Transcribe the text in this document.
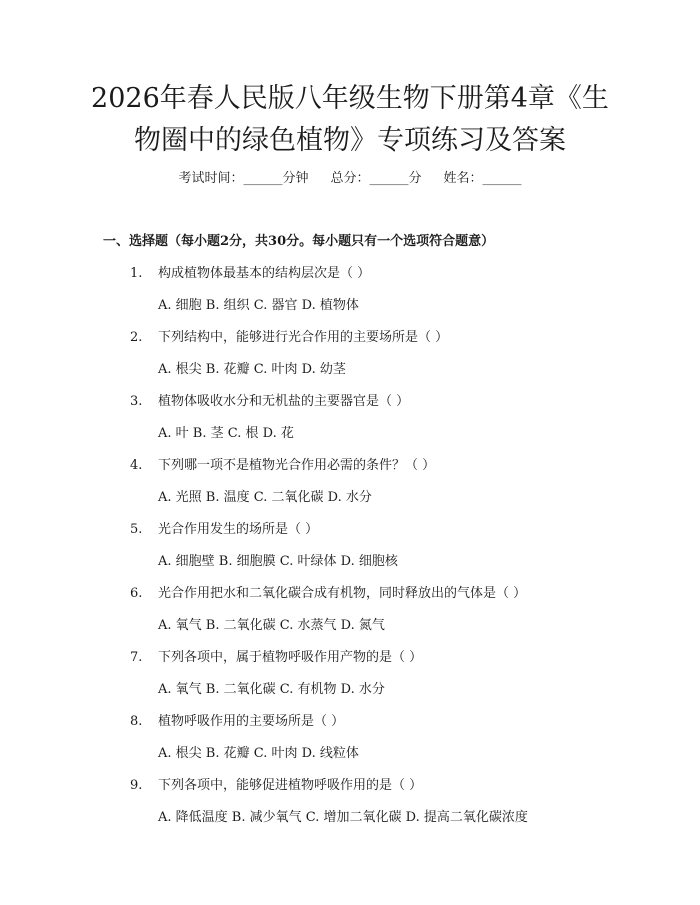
2026年春人民版八年级生物下册第4章《生
物圈中的绿色植物》专项练习及答案
考试时间：______分钟 总分：______分 姓名：______
一、选择题（每小题2分，共30分。每小题只有一个选项符合题意）
1. 构成植物体最基本的结构层次是（ ）
A. 细胞 B. 组织 C. 器官 D. 植物体
2. 下列结构中，能够进行光合作用的主要场所是（ ）
A. 根尖 B. 花瓣 C. 叶肉 D. 幼茎
3. 植物体吸收水分和无机盐的主要器官是（ ）
A. 叶 B. 茎 C. 根 D. 花
4. 下列哪一项不是植物光合作用必需的条件？（ ）
A. 光照 B. 温度 C. 二氧化碳 D. 水分
5. 光合作用发生的场所是（ ）
A. 细胞壁 B. 细胞膜 C. 叶绿体 D. 细胞核
6. 光合作用把水和二氧化碳合成有机物，同时释放出的气体是（ ）
A. 氧气 B. 二氧化碳 C. 水蒸气 D. 氮气
7. 下列各项中，属于植物呼吸作用产物的是（ ）
A. 氧气 B. 二氧化碳 C. 有机物 D. 水分
8. 植物呼吸作用的主要场所是（ ）
A. 根尖 B. 花瓣 C. 叶肉 D. 线粒体
9. 下列各项中，能够促进植物呼吸作用的是（ ）
A. 降低温度 B. 减少氧气 C. 增加二氧化碳 D. 提高二氧化碳浓度
